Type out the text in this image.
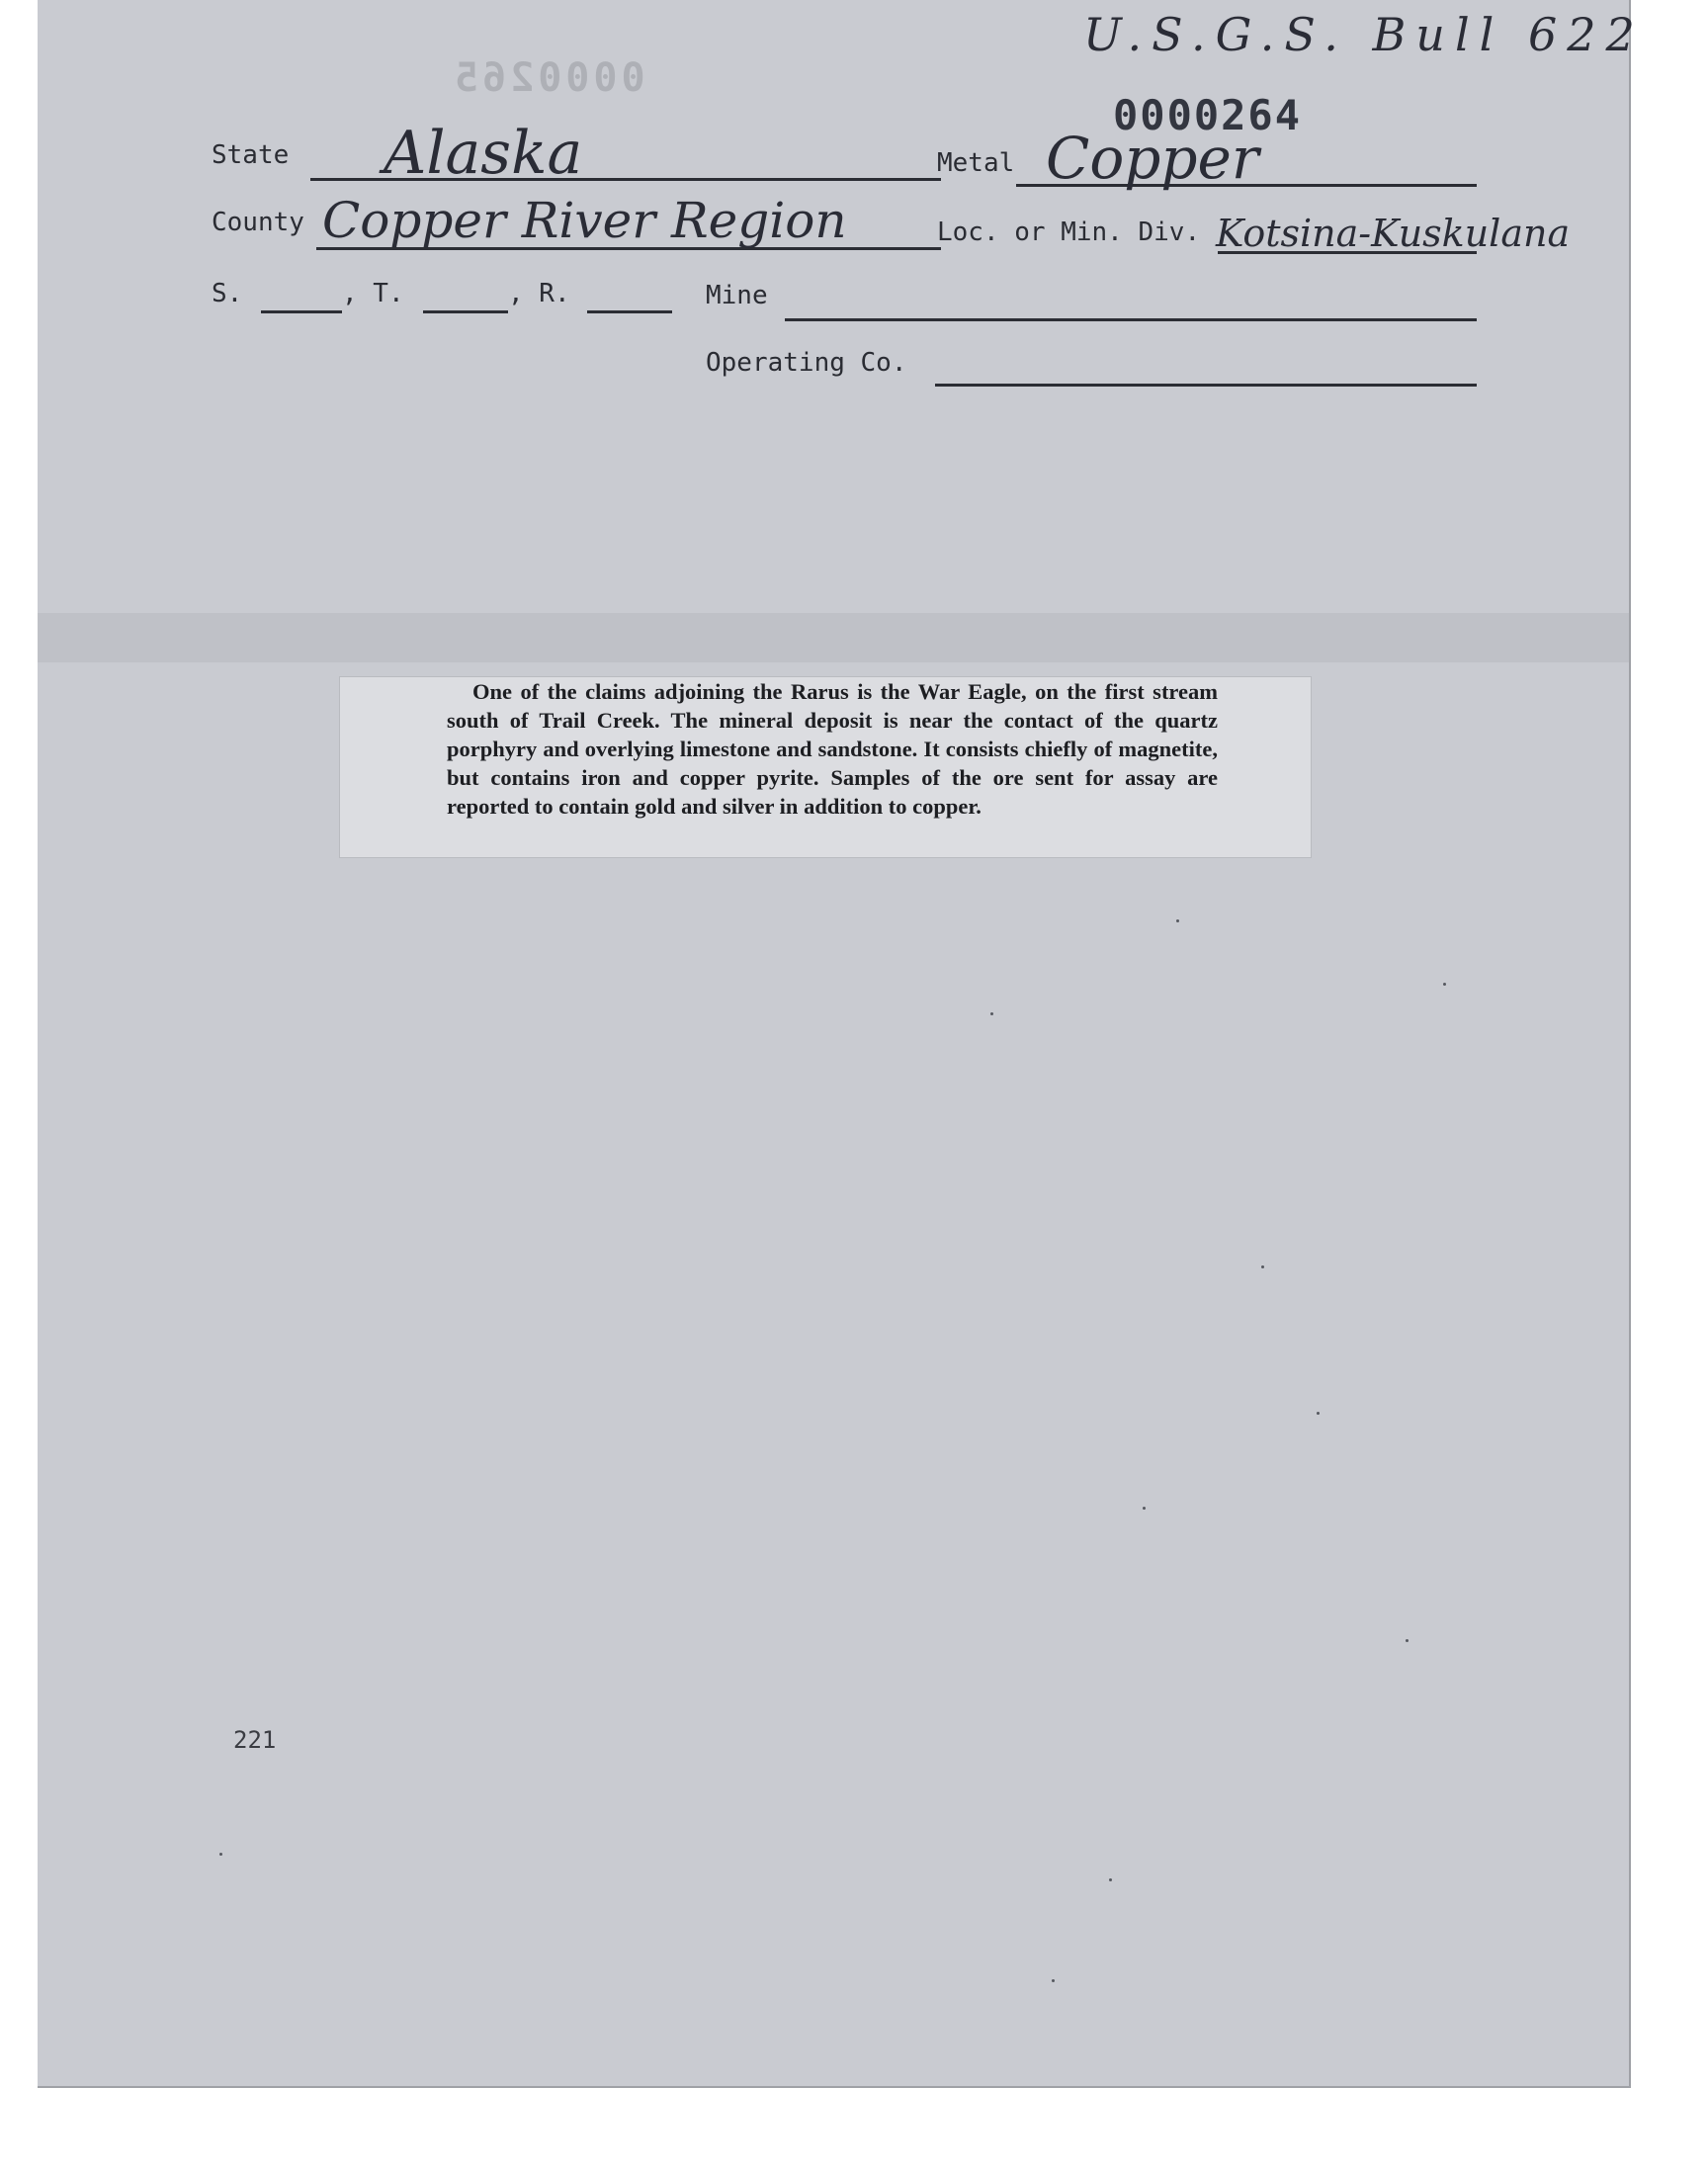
0000265
U.S.G.S. Bull 622
0000264
State Alaska	Metal Copper
County Copper River Region	Loc. or Min. Div. Kotsina-Kuskulana
S.	, T.	, R.	Mine
Operating Co.
One of the claims adjoining the Rarus is the War Eagle, on the first stream south of Trail Creek. The mineral deposit is near the contact of the quartz porphyry and overlying limestone and sandstone. It consists chiefly of magnetite, but contains iron and copper pyrite. Samples of the ore sent for assay are reported to contain gold and silver in addition to copper.
221
